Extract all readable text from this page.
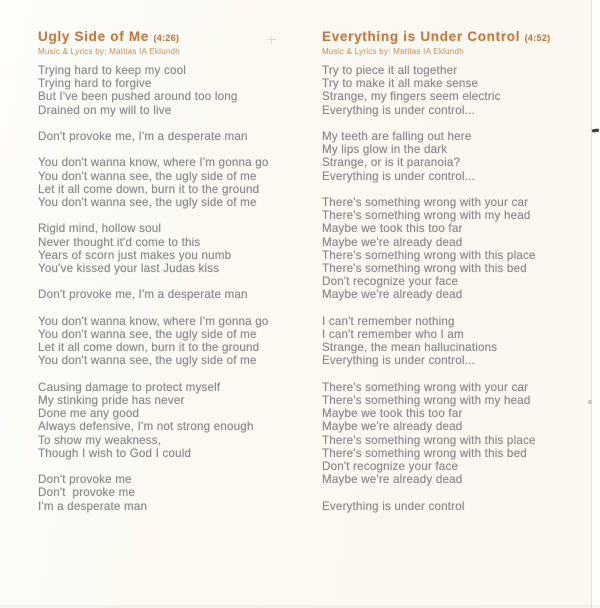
Ugly Side of Me (4:26)
Music & Lyrics by: Mattias IA Eklundh

Trying hard to keep my cool
Trying hard to forgive
But I've been pushed around too long
Drained on my will to live

Don't provoke me, I'm a desperate man

You don't wanna know, where I'm gonna go
You don't wanna see, the ugly side of me
Let it all come down, burn it to the ground
You don't wanna see, the ugly side of me

Rigid mind, hollow soul
Never thought it'd come to this
Years of scorn just makes you numb
You've kissed your last Judas kiss

Don't provoke me, I'm a desperate man

You don't wanna know, where I'm gonna go
You don't wanna see, the ugly side of me
Let it all come down, burn it to the ground
You don't wanna see, the ugly side of me

Causing damage to protect myself
My stinking pride has never
Done me any good
Always defensive, I'm not strong enough
To show my weakness,
Though I wish to God I could

Don't provoke me
Don't  provoke me
I'm a desperate man

Everything is Under Control (4:52)
Music & Lyrics by: Mattias IA Eklundh

Try to piece it all together
Try to make it all make sense
Strange, my fingers seem electric
Everything is under control...

My teeth are falling out here
My lips glow in the dark
Strange, or is it paranoia?
Everything is under control...

There's something wrong with your car
There's something wrong with my head
Maybe we took this too far
Maybe we're already dead
There's something wrong with this place
There's something wrong with this bed
Don't recognize your face
Maybe we're already dead

I can't remember nothing
I can't remember who I am
Strange, the mean hallucinations
Everything is under control...

There's something wrong with your car
There's something wrong with my head
Maybe we took this too far
Maybe we're already dead
There's something wrong with this place
There's something wrong with this bed
Don't recognize your face
Maybe we're already dead

Everything is under control
